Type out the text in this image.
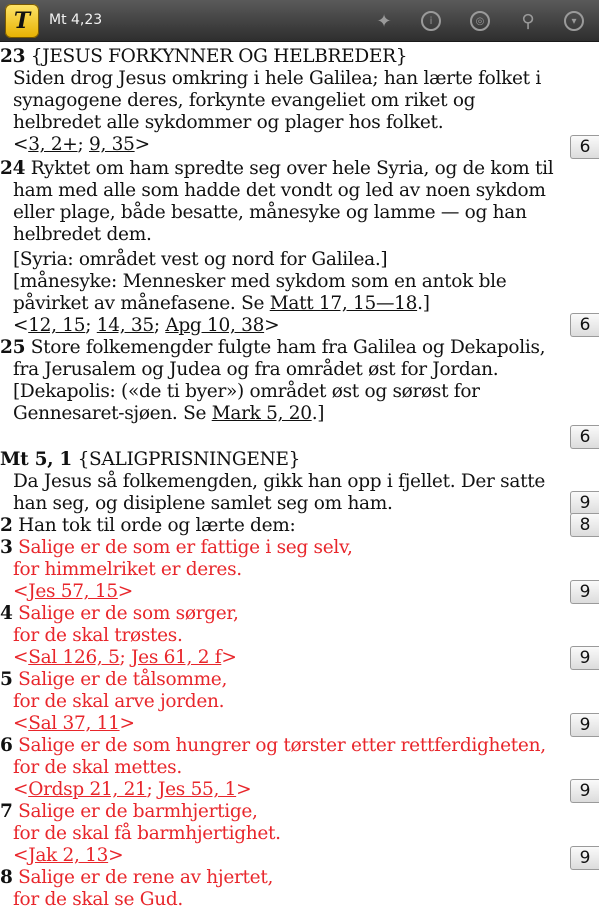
T	Mt 4,23	✦	i	◎	⚲	▾
23 {JESUS FORKYNNER OG HELBREDER}
Siden drog Jesus omkring i hele Galilea; han lærte folket i
synagogene deres, forkynte evangeliet om riket og
helbredet alle sykdommer og plager hos folket.
<3, 2+; 9, 35>	6
24 Ryktet om ham spredte seg over hele Syria, og de kom til
ham med alle som hadde det vondt og led av noen sykdom
eller plage, både besatte, månesyke og lamme — og han
helbredet dem.
[Syria: området vest og nord for Galilea.]
[månesyke: Mennesker med sykdom som en antok ble
påvirket av månefasene. Se Matt 17, 15—18.]
<12, 15; 14, 35; Apg 10, 38>	6
25 Store folkemengder fulgte ham fra Galilea og Dekapolis,
fra Jerusalem og Judea og fra området øst for Jordan.
[Dekapolis: («de ti byer») området øst og sørøst for
Gennesaret-sjøen. Se Mark 5, 20.]
6
Mt 5, 1 {SALIGPRISNINGENE}
Da Jesus så folkemengden, gikk han opp i fjellet. Der satte
han seg, og disiplene samlet seg om ham.	9
2 Han tok til orde og lærte dem:	8
3 Salige er de som er fattige i seg selv,
for himmelriket er deres.
<Jes 57, 15>	9
4 Salige er de som sørger,
for de skal trøstes.
<Sal 126, 5; Jes 61, 2 f>	9
5 Salige er de tålsomme,
for de skal arve jorden.
<Sal 37, 11>	9
6 Salige er de som hungrer og tørster etter rettferdigheten,
for de skal mettes.
<Ordsp 21, 21; Jes 55, 1>	9
7 Salige er de barmhjertige,
for de skal få barmhjertighet.
<Jak 2, 13>	9
8 Salige er de rene av hjertet,
for de skal se Gud.
